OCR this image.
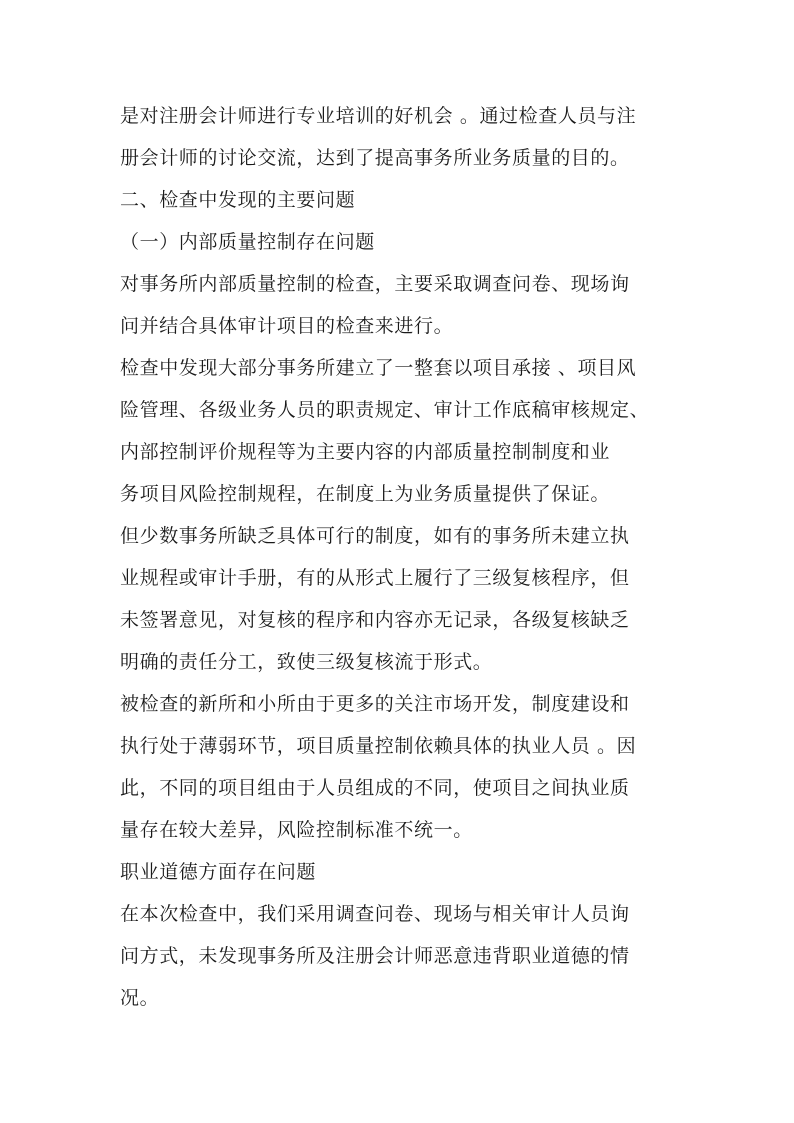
是对注册会计师进行专业培训的好机会 。通过检查人员与注
册会计师的讨论交流，达到了提高事务所业务质量的目的。
二、检查中发现的主要问题
（一）内部质量控制存在问题
对事务所内部质量控制的检查，主要采取调查问卷、现场询
问并结合具体审计项目的检查来进行。
检查中发现大部分事务所建立了一整套以项目承接 、项目风
险管理、各级业务人员的职责规定、审计工作底稿审核规定、
内部控制评价规程等为主要内容的内部质量控制制度和业
务项目风险控制规程，在制度上为业务质量提供了保证。
但少数事务所缺乏具体可行的制度，如有的事务所未建立执
业规程或审计手册，有的从形式上履行了三级复核程序，但
未签署意见，对复核的程序和内容亦无记录，各级复核缺乏
明确的责任分工，致使三级复核流于形式。
被检查的新所和小所由于更多的关注市场开发，制度建设和
执行处于薄弱环节，项目质量控制依赖具体的执业人员 。因
此，不同的项目组由于人员组成的不同，使项目之间执业质
量存在较大差异，风险控制标准不统一。
职业道德方面存在问题
在本次检查中，我们采用调查问卷、现场与相关审计人员询
问方式，未发现事务所及注册会计师恶意违背职业道德的情
况。
